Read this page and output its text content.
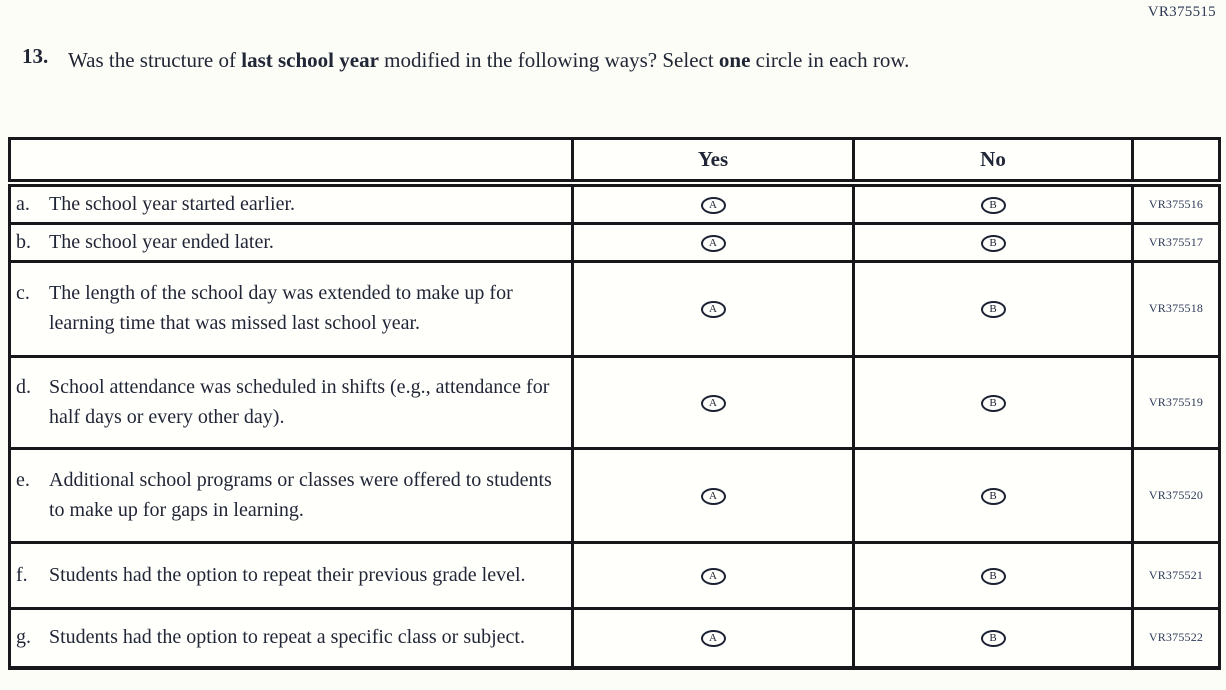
VR375515
13. Was the structure of last school year modified in the following ways? Select one circle in each row.
	Yes	No	

a. The school year started earlier.	A	B	VR375516

b. The school year ended later.	A	B	VR375517

c. The length of the school day was extended to make up for learning time that was missed last school year.	A	B	VR375518

d. School attendance was scheduled in shifts (e.g., attendance for half days or every other day).	A	B	VR375519

e. Additional school programs or classes were offered to students to make up for gaps in learning.	A	B	VR375520

f. Students had the option to repeat their previous grade level.	A	B	VR375521

g. Students had the option to repeat a specific class or subject.	A	B	VR375522
